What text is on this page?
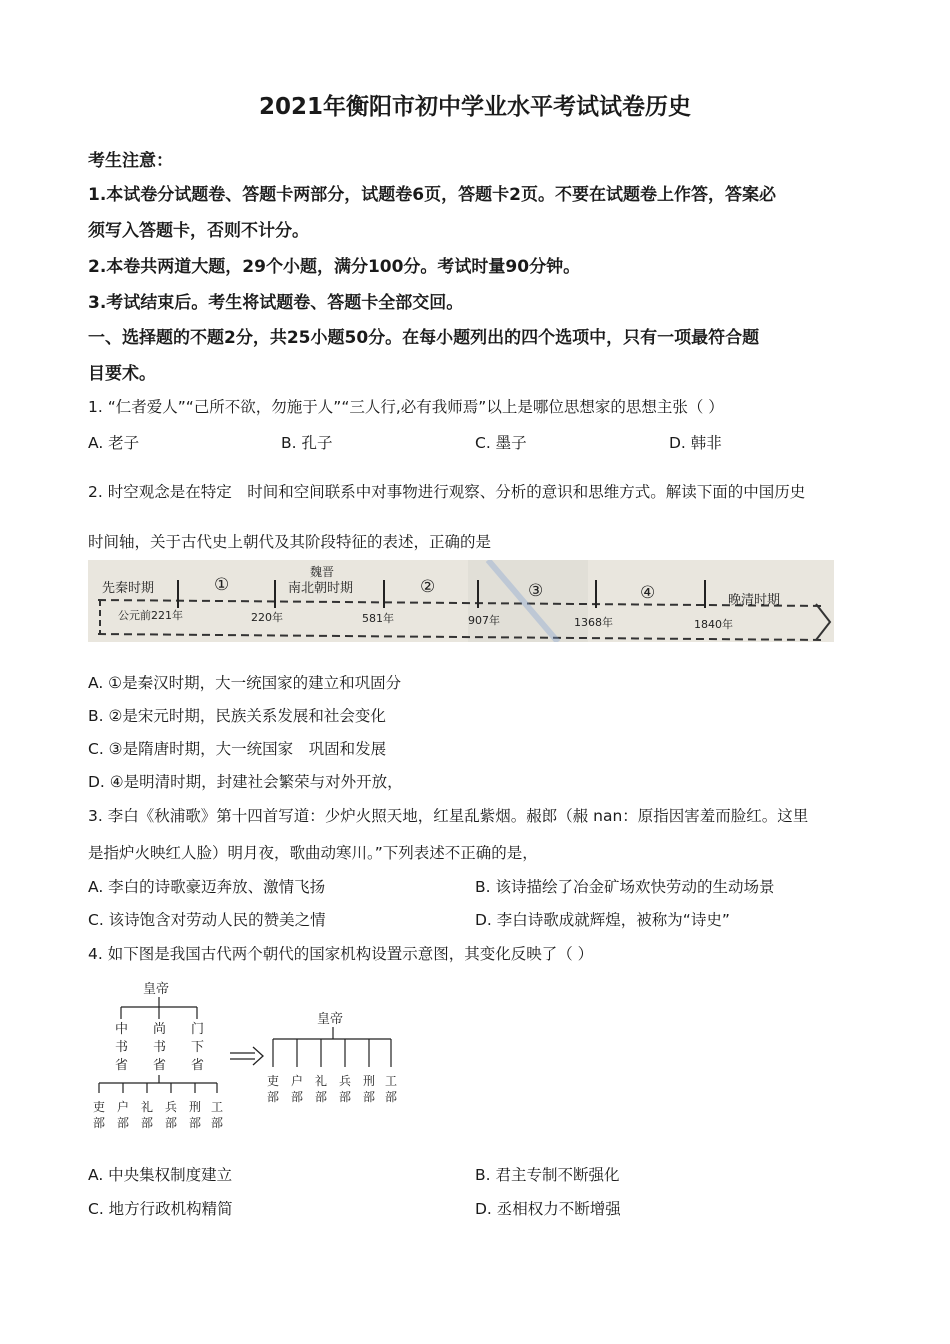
2021年衡阳市初中学业水平考试试卷历史
考生注意：
1.本试卷分试题卷、答题卡两部分，试题卷6页，答题卡2页。不要在试题卷上作答，答案必
须写入答题卡，否则不计分。
2.本卷共两道大题，29个小题，满分100分。考试时量90分钟。
3.考试结束后。考生将试题卷、答题卡全部交回。
一、选择题的不题2分，共25小题50分。在每小题列出的四个选项中，只有一项最符合题
目要术。
1. “仁者爱人”“己所不欲，勿施于人”“三人行,必有我师焉”以上是哪位思想家的思想主张（ ）
A. 老子	B. 孔子	C. 墨子	D. 韩非
2. 时空观念是在特定　时间和空间联系中对事物进行观察、分析的意识和思维方式。解读下面的中国历史
时间轴，关于古代史上朝代及其阶段特征的表述，正确的是
先秦时期	①
魏晋
南北朝时期	②	③	④	晚清时期
公元前221年	220年	581年	907年	1368年	1840年
A. ①是秦汉时期，大一统国家的建立和巩固分
B. ②是宋元时期，民族关系发展和社会变化
C. ③是隋唐时期，大一统国家　巩固和发展
D. ④是明清时期，封建社会繁荣与对外开放，
3. 李白《秋浦歌》第十四首写道：少炉火照天地，红星乱紫烟。赧郎（赧 nan：原指因害羞而脸红。这里
是指炉火映红人脸）明月夜，歌曲动寒川。”下列表述不正确的是，
A. 李白的诗歌豪迈奔放、激情飞扬	B. 该诗描绘了冶金矿场欢快劳动的生动场景
C. 该诗饱含对劳动人民的赞美之情	D. 李白诗歌成就辉煌，被称为“诗史”
4. 如下图是我国古代两个朝代的国家机构设置示意图，其变化反映了（ ）
皇帝
中书省
尚书省
门下省
吏部
户部
礼部
兵部
刑部
工部
皇帝
吏部
户部
礼部
兵部
刑部
工部
A. 中央集权制度建立	B. 君主专制不断强化
C. 地方行政机构精简	D. 丞相权力不断增强
